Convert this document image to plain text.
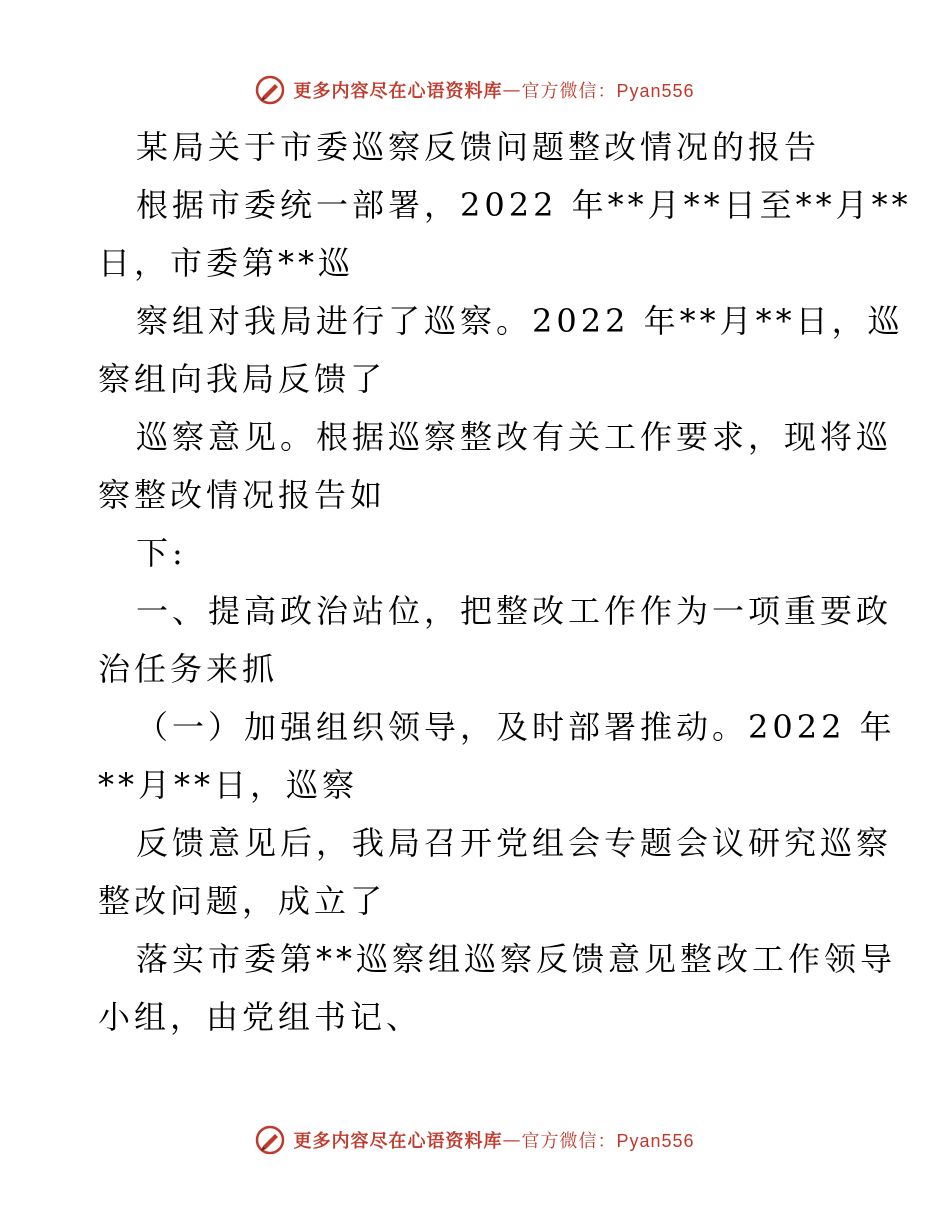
更多内容尽在心语资料库 — 官方微信：Pyan556
某局关于市委巡察反馈问题整改情况的报告
根据市委统一部署，2022 年**月**日至**月**
日，市委第**巡
察组对我局进行了巡察。2022 年**月**日，巡
察组向我局反馈了
巡察意见。根据巡察整改有关工作要求，现将巡
察整改情况报告如
下:
一、提高政治站位，把整改工作作为一项重要政
治任务来抓
（一）加强组织领导，及时部署推动。2022 年
**月**日，巡察
反馈意见后，我局召开党组会专题会议研究巡察
整改问题，成立了
落实市委第**巡察组巡察反馈意见整改工作领导
小组，由党组书记、
更多内容尽在心语资料库 — 官方微信：Pyan556
